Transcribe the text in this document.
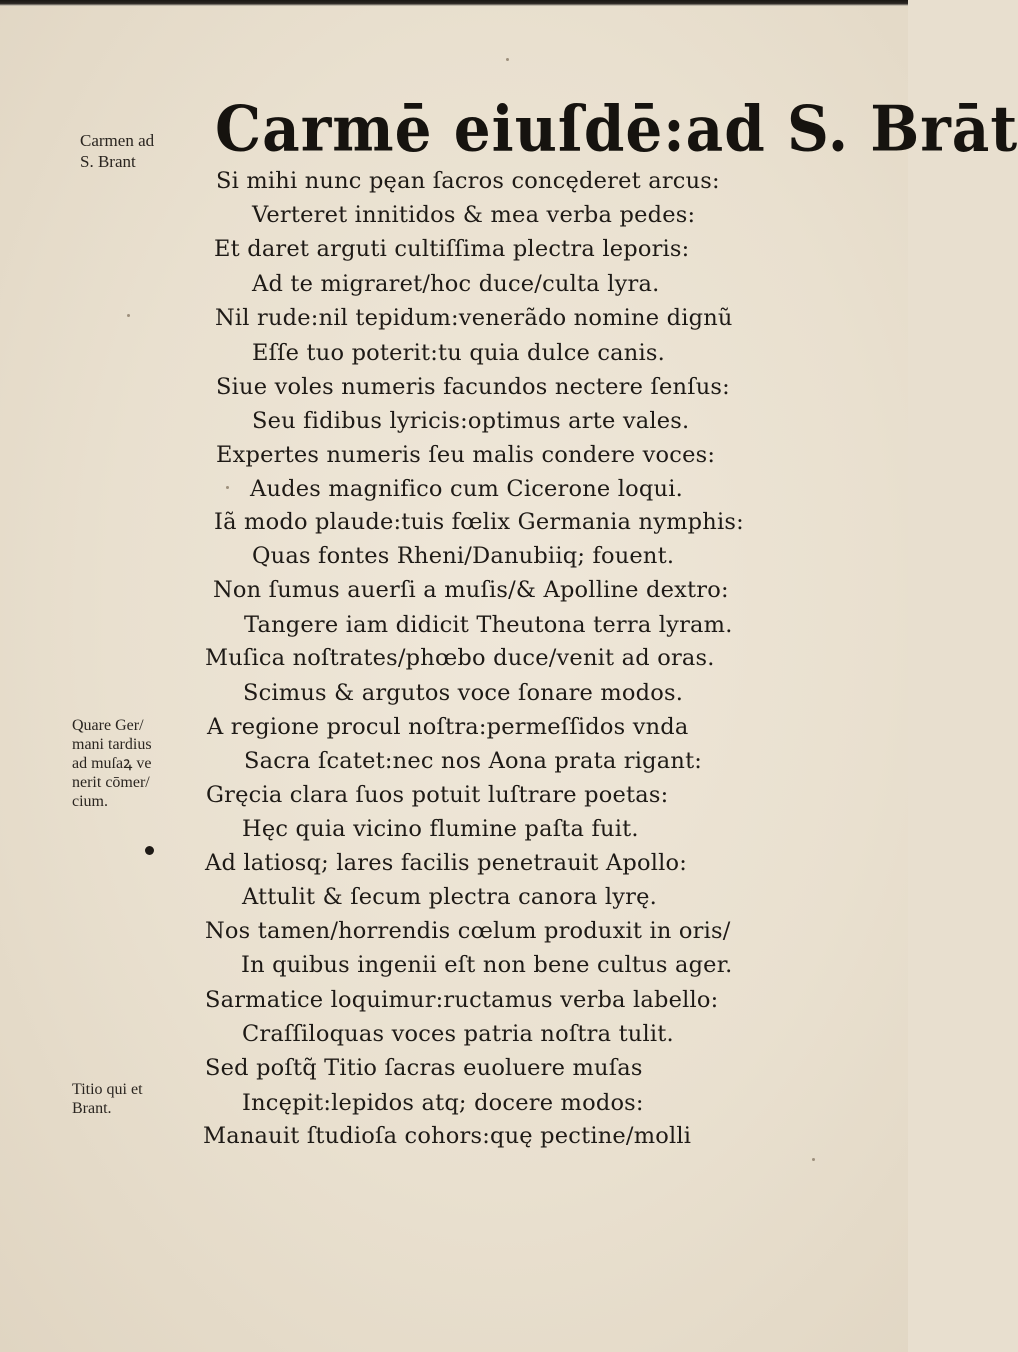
Carmē eiuſdē:ad S. Brāt
Carmen ad
S. Brant
Quare Ger/
mani tardius
ad muſaꝝ ve
nerit cōmer/
cium.
Titio qui et
Brant.
Si mihi nunc pęan ſacros concęderet arcus:
Verteret innitidos & mea verba pedes:
Et daret arguti cultiſſima plectra leporis:
Ad te migraret/hoc duce/culta lyra.
Nil rude:nil tepidum:venerãdo nomine dignũ
Eſſe tuo poterit:tu quia dulce canis.
Siue voles numeris facundos nectere ſenſus:
Seu fidibus lyricis:optimus arte vales.
Expertes numeris ſeu malis condere voces:
Audes magnifico cum Cicerone loqui.
Iã modo plaude:tuis fœlix Germania nymphis:
Quas fontes Rheni/Danubiiq; fouent.
Non ſumus auerſi a muſis/& Apolline dextro:
Tangere iam didicit Theutona terra lyram.
Muſica noſtrates/phœbo duce/venit ad oras.
Scimus & argutos voce ſonare modos.
A regione procul noſtra:permeſſidos vnda
Sacra ſcatet:nec nos Aona prata rigant:
Gręcia clara ſuos potuit luſtrare poetas:
Hęc quia vicino flumine paſta fuit.
Ad latiosq; lares facilis penetrauit Apollo:
Attulit & ſecum plectra canora lyrę.
Nos tamen/horrendis cœlum produxit in oris/
In quibus ingenii eſt non bene cultus ager.
Sarmatice loquimur:ructamus verba labello:
Craſſiloquas voces patria noſtra tulit.
Sed poſtq̃ Titio ſacras euoluere muſas
Incępit:lepidos atq; docere modos:
Manauit ſtudioſa cohors:quę pectine/molli
